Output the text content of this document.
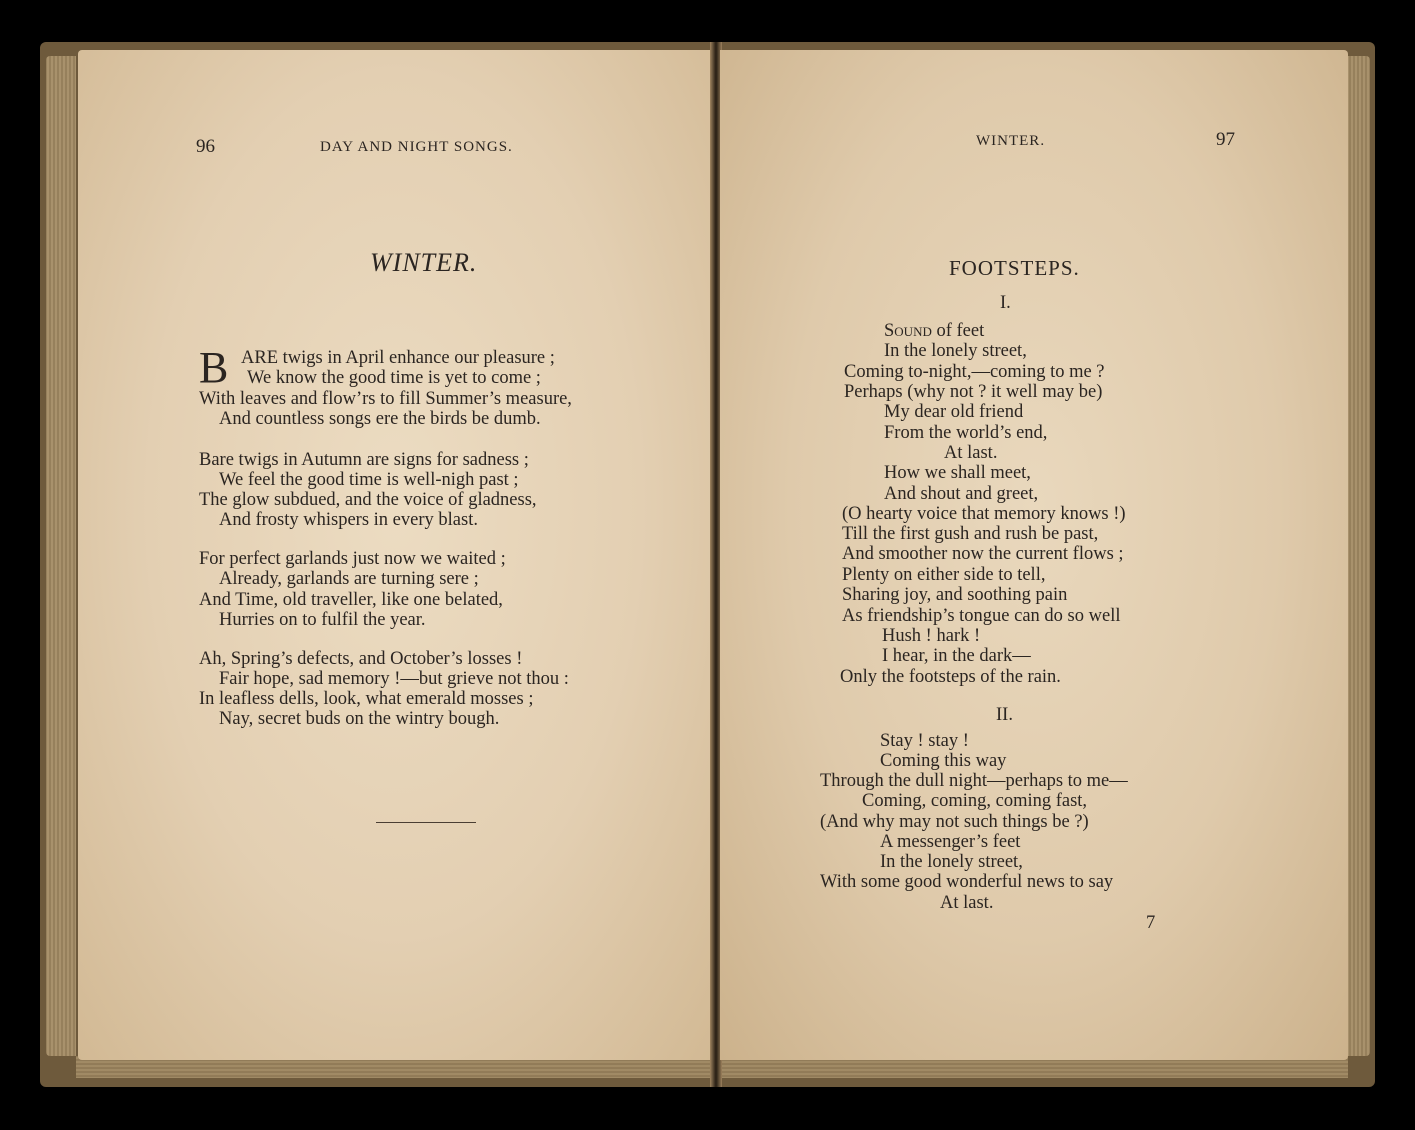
96	DAY AND NIGHT SONGS.
WINTER.
B ARE twigs in April enhance our pleasure ;
We know the good time is yet to come ;
With leaves and flow’rs to fill Summer’s measure,
And countless songs ere the birds be dumb.
Bare twigs in Autumn are signs for sadness ;
We feel the good time is well-nigh past ;
The glow subdued, and the voice of gladness,
And frosty whispers in every blast.
For perfect garlands just now we waited ;
Already, garlands are turning sere ;
And Time, old traveller, like one belated,
Hurries on to fulfil the year.
Ah, Spring’s defects, and October’s losses !
Fair hope, sad memory !—but grieve not thou :
In leafless dells, look, what emerald mosses ;
Nay, secret buds on the wintry bough.
WINTER.	97
FOOTSTEPS.
I.
Sound of feet
In the lonely street,
Coming to-night,—coming to me ?
Perhaps (why not ? it well may be)
My dear old friend
From the world’s end,
At last.
How we shall meet,
And shout and greet,
(O hearty voice that memory knows !)
Till the first gush and rush be past,
And smoother now the current flows ;
Plenty on either side to tell,
Sharing joy, and soothing pain
As friendship’s tongue can do so well
Hush ! hark !
I hear, in the dark—
Only the footsteps of the rain.
II.
Stay ! stay !
Coming this way
Through the dull night—perhaps to me—
Coming, coming, coming fast,
(And why may not such things be ?)
A messenger’s feet
In the lonely street,
With some good wonderful news to say
At last.
7
